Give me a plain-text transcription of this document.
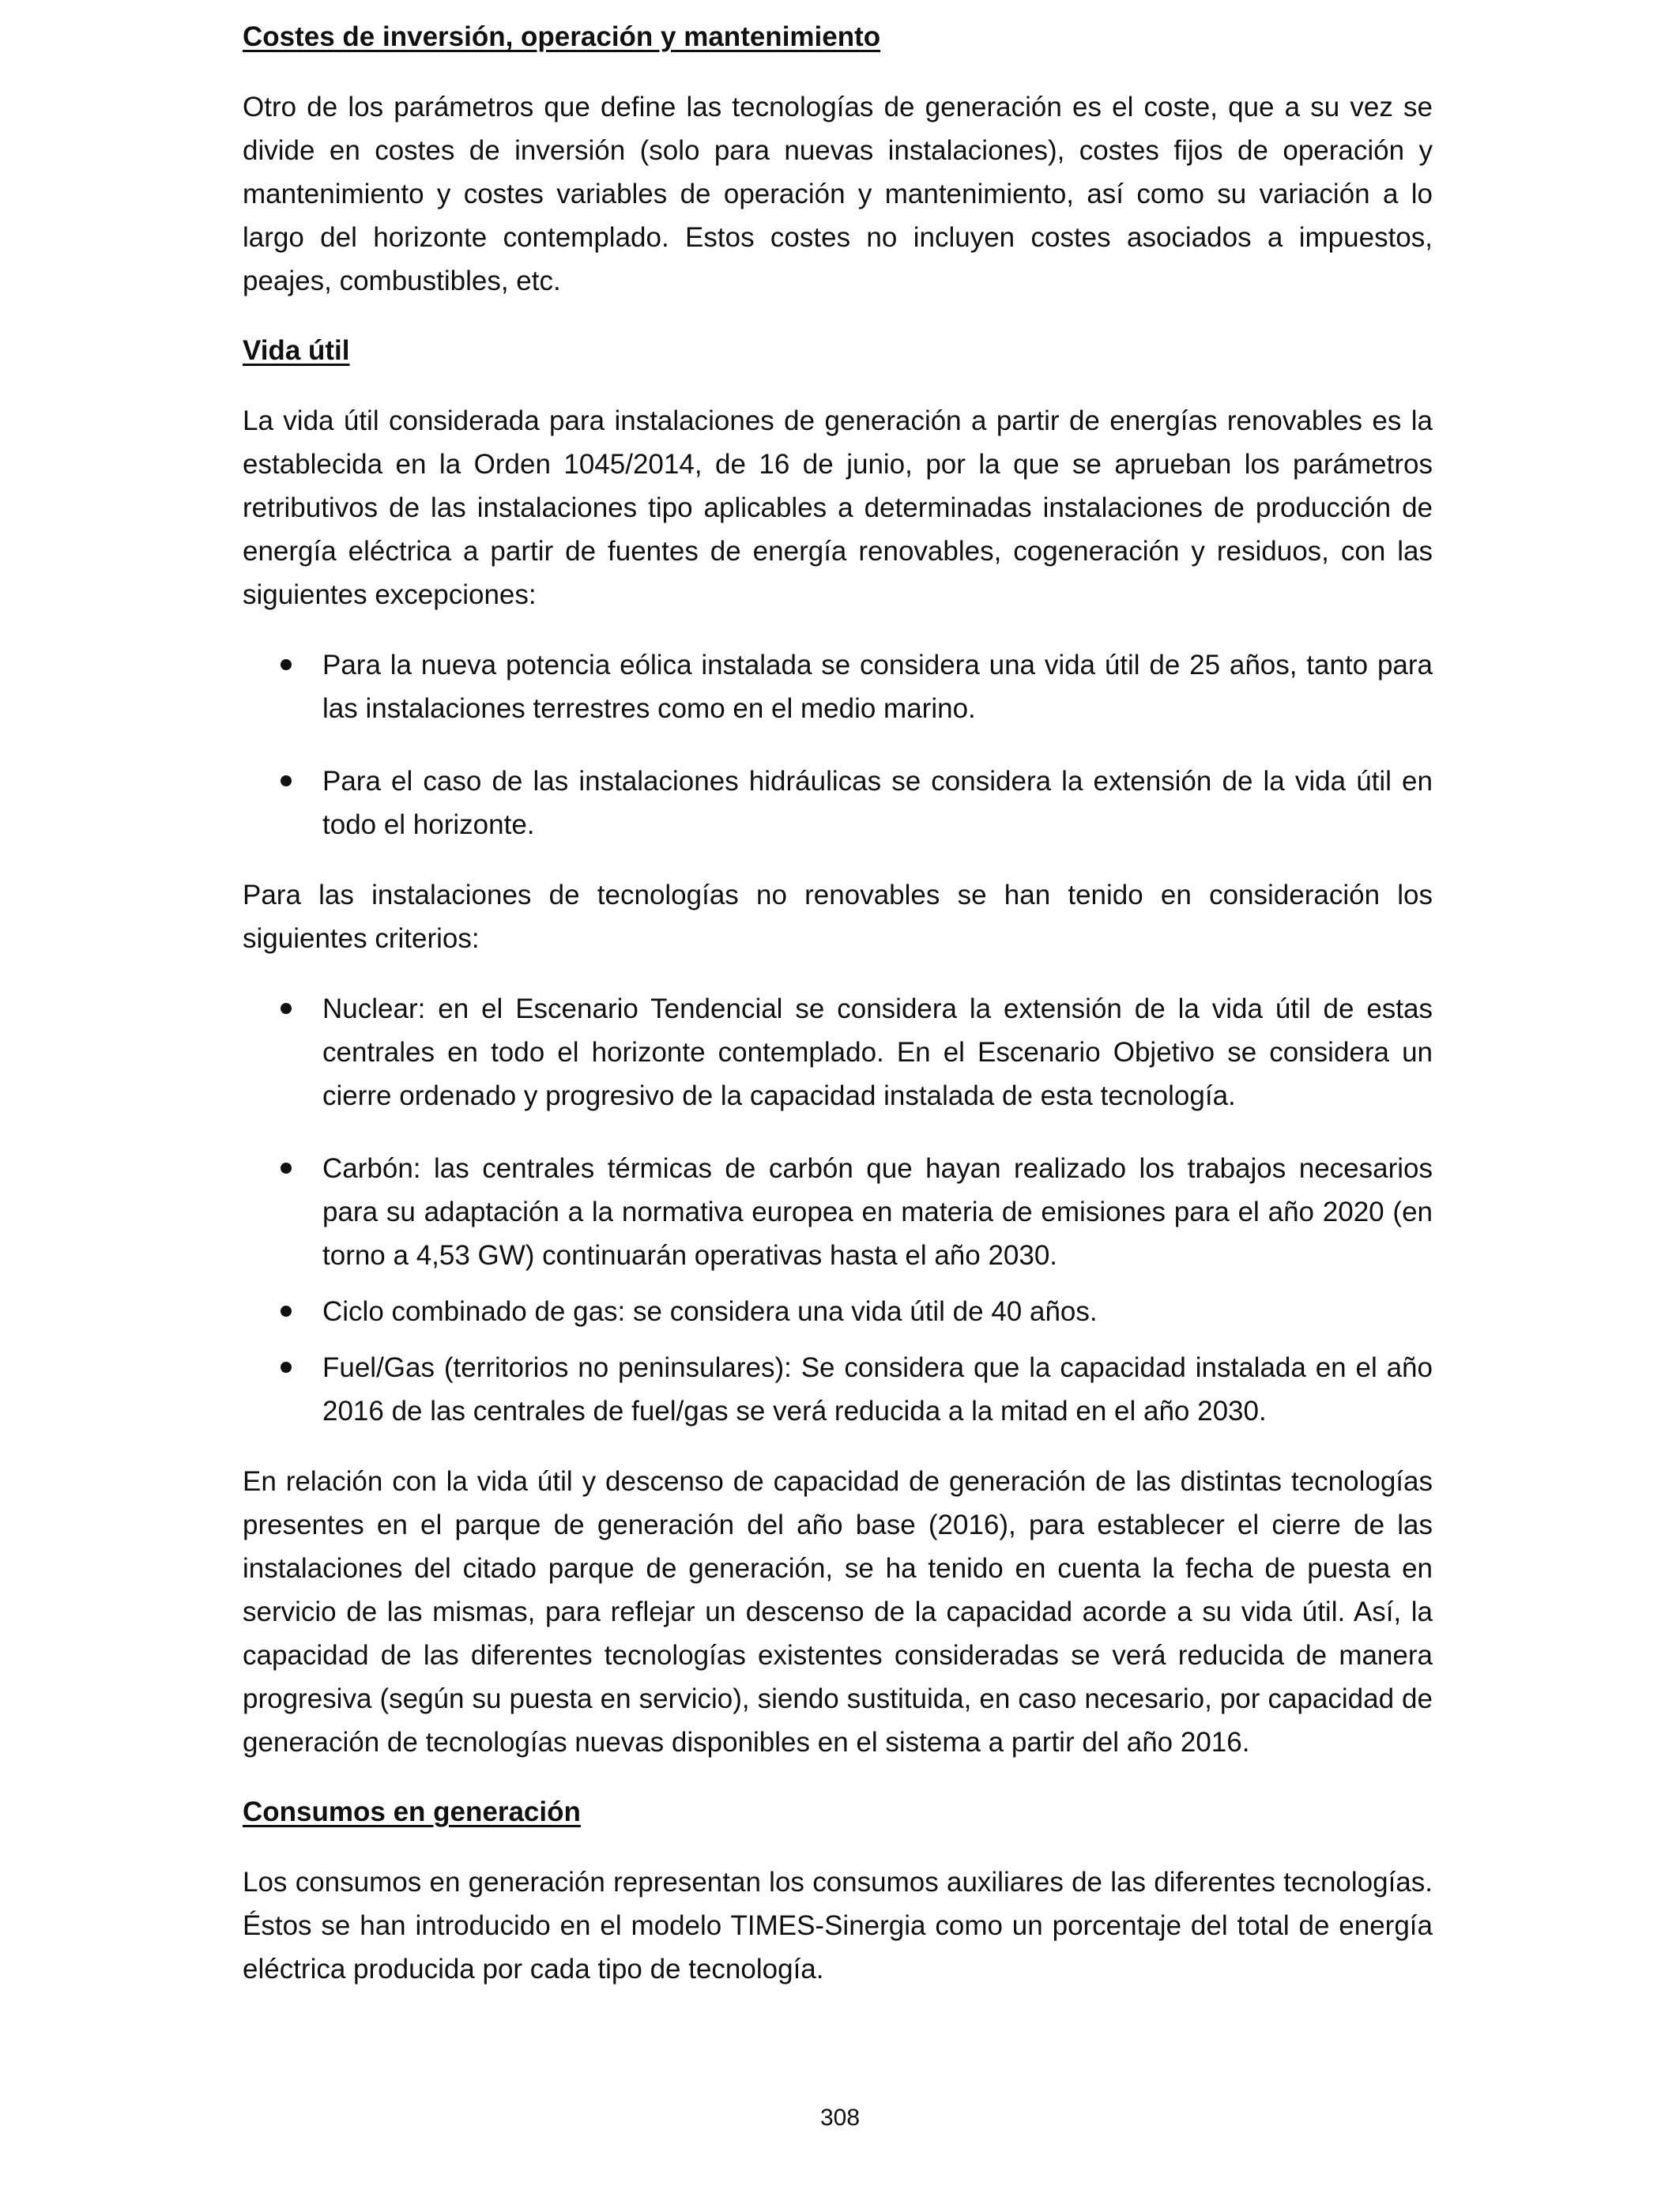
Costes de inversión, operación y mantenimiento

Otro de los parámetros que define las tecnologías de generación es el coste, que a su vez se divide en costes de inversión (solo para nuevas instalaciones), costes fijos de operación y mantenimiento y costes variables de operación y mantenimiento, así como su variación a lo largo del horizonte contemplado. Estos costes no incluyen costes asociados a impuestos, peajes, combustibles, etc.

Vida útil

La vida útil considerada para instalaciones de generación a partir de energías renovables es la establecida en la Orden 1045/2014, de 16 de junio, por la que se aprueban los parámetros retributivos de las instalaciones tipo aplicables a determinadas instalaciones de producción de energía eléctrica a partir de fuentes de energía renovables, cogeneración y residuos, con las siguientes excepciones:

Para la nueva potencia eólica instalada se considera una vida útil de 25 años, tanto para las instalaciones terrestres como en el medio marino.
Para el caso de las instalaciones hidráulicas se considera la extensión de la vida útil en todo el horizonte.

Para las instalaciones de tecnologías no renovables se han tenido en consideración los siguientes criterios:

Nuclear: en el Escenario Tendencial se considera la extensión de la vida útil de estas centrales en todo el horizonte contemplado. En el Escenario Objetivo se considera un cierre ordenado y progresivo de la capacidad instalada de esta tecnología.
Carbón: las centrales térmicas de carbón que hayan realizado los trabajos necesarios para su adaptación a la normativa europea en materia de emisiones para el año 2020 (en torno a 4,53 GW) continuarán operativas hasta el año 2030.
Ciclo combinado de gas: se considera una vida útil de 40 años.
Fuel/Gas (territorios no peninsulares): Se considera que la capacidad instalada en el año 2016 de las centrales de fuel/gas se verá reducida a la mitad en el año 2030.

En relación con la vida útil y descenso de capacidad de generación de las distintas tecnologías presentes en el parque de generación del año base (2016), para establecer el cierre de las instalaciones del citado parque de generación, se ha tenido en cuenta la fecha de puesta en servicio de las mismas, para reflejar un descenso de la capacidad acorde a su vida útil. Así, la capacidad de las diferentes tecnologías existentes consideradas se verá reducida de manera progresiva (según su puesta en servicio), siendo sustituida, en caso necesario, por capacidad de generación de tecnologías nuevas disponibles en el sistema a partir del año 2016.

Consumos en generación

Los consumos en generación representan los consumos auxiliares de las diferentes tecnologías. Éstos se han introducido en el modelo TIMES-Sinergia como un porcentaje del total de energía eléctrica producida por cada tipo de tecnología.

308
